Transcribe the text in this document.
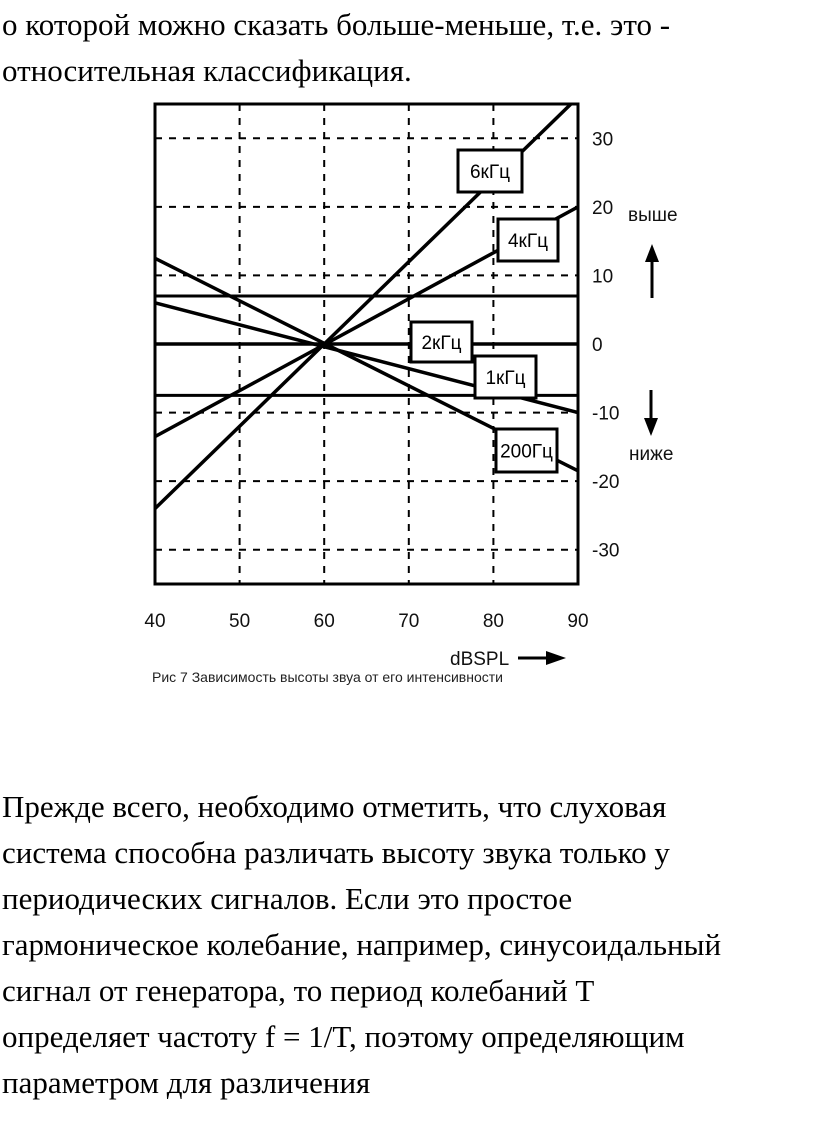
о которой можно сказать больше-меньше, т.е. это -
относительная классификация.
6кГц
4кГц
2кГц
1кГц
200Гц
40	50	60	70	80	90
30
20
10
0
-10
-20
-30
выше
ниже
dBSPL
Рис 7 Зависимость высоты звуа от его интенсивности
Прежде всего, необходимо отметить, что слуховая
система способна различать высоту звука только у
периодических сигналов. Если это простое
гармоническое колебание, например, синусоидальный
сигнал от генератора, то период колебаний T
определяет частоту f = 1/T, поэтому определяющим
параметром для различения
